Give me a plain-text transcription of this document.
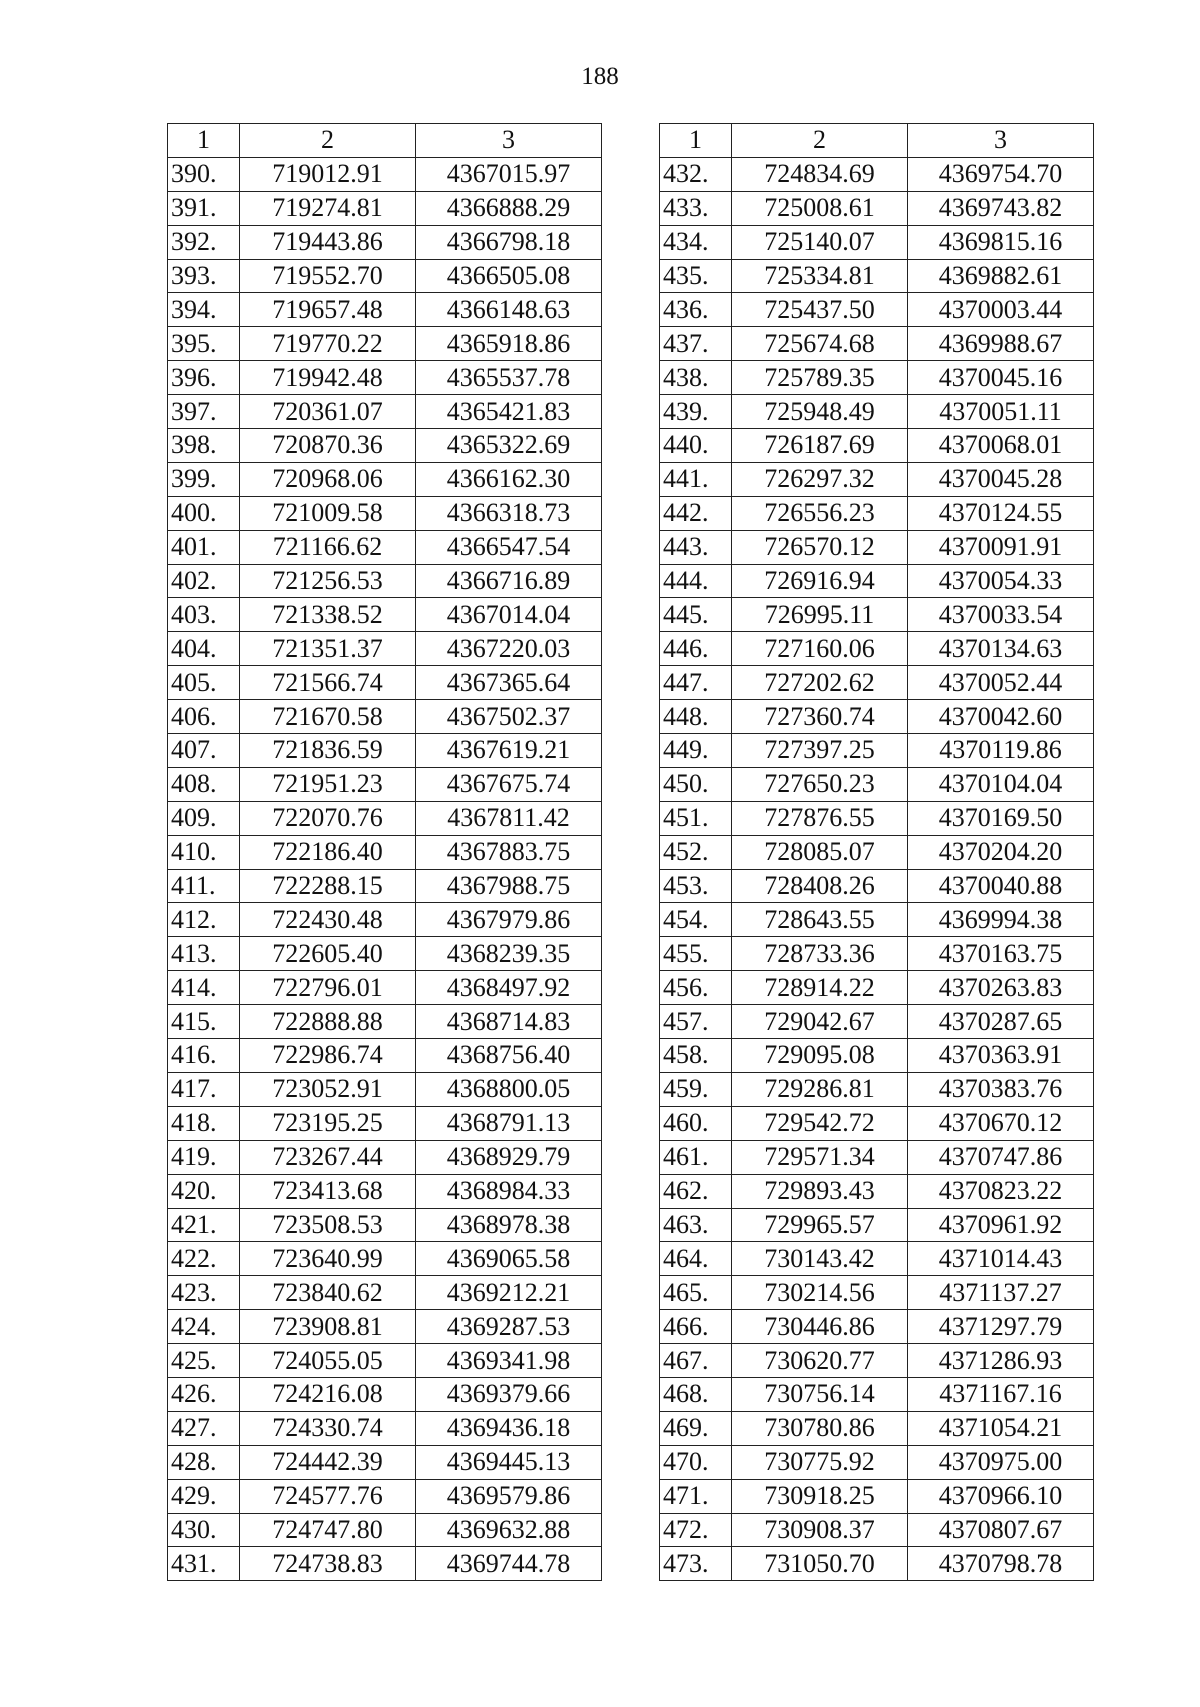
188
1	2	3
390.	719012.91	4367015.97
391.	719274.81	4366888.29
392.	719443.86	4366798.18
393.	719552.70	4366505.08
394.	719657.48	4366148.63
395.	719770.22	4365918.86
396.	719942.48	4365537.78
397.	720361.07	4365421.83
398.	720870.36	4365322.69
399.	720968.06	4366162.30
400.	721009.58	4366318.73
401.	721166.62	4366547.54
402.	721256.53	4366716.89
403.	721338.52	4367014.04
404.	721351.37	4367220.03
405.	721566.74	4367365.64
406.	721670.58	4367502.37
407.	721836.59	4367619.21
408.	721951.23	4367675.74
409.	722070.76	4367811.42
410.	722186.40	4367883.75
411.	722288.15	4367988.75
412.	722430.48	4367979.86
413.	722605.40	4368239.35
414.	722796.01	4368497.92
415.	722888.88	4368714.83
416.	722986.74	4368756.40
417.	723052.91	4368800.05
418.	723195.25	4368791.13
419.	723267.44	4368929.79
420.	723413.68	4368984.33
421.	723508.53	4368978.38
422.	723640.99	4369065.58
423.	723840.62	4369212.21
424.	723908.81	4369287.53
425.	724055.05	4369341.98
426.	724216.08	4369379.66
427.	724330.74	4369436.18
428.	724442.39	4369445.13
429.	724577.76	4369579.86
430.	724747.80	4369632.88
431.	724738.83	4369744.78
1	2	3
432.	724834.69	4369754.70
433.	725008.61	4369743.82
434.	725140.07	4369815.16
435.	725334.81	4369882.61
436.	725437.50	4370003.44
437.	725674.68	4369988.67
438.	725789.35	4370045.16
439.	725948.49	4370051.11
440.	726187.69	4370068.01
441.	726297.32	4370045.28
442.	726556.23	4370124.55
443.	726570.12	4370091.91
444.	726916.94	4370054.33
445.	726995.11	4370033.54
446.	727160.06	4370134.63
447.	727202.62	4370052.44
448.	727360.74	4370042.60
449.	727397.25	4370119.86
450.	727650.23	4370104.04
451.	727876.55	4370169.50
452.	728085.07	4370204.20
453.	728408.26	4370040.88
454.	728643.55	4369994.38
455.	728733.36	4370163.75
456.	728914.22	4370263.83
457.	729042.67	4370287.65
458.	729095.08	4370363.91
459.	729286.81	4370383.76
460.	729542.72	4370670.12
461.	729571.34	4370747.86
462.	729893.43	4370823.22
463.	729965.57	4370961.92
464.	730143.42	4371014.43
465.	730214.56	4371137.27
466.	730446.86	4371297.79
467.	730620.77	4371286.93
468.	730756.14	4371167.16
469.	730780.86	4371054.21
470.	730775.92	4370975.00
471.	730918.25	4370966.10
472.	730908.37	4370807.67
473.	731050.70	4370798.78
